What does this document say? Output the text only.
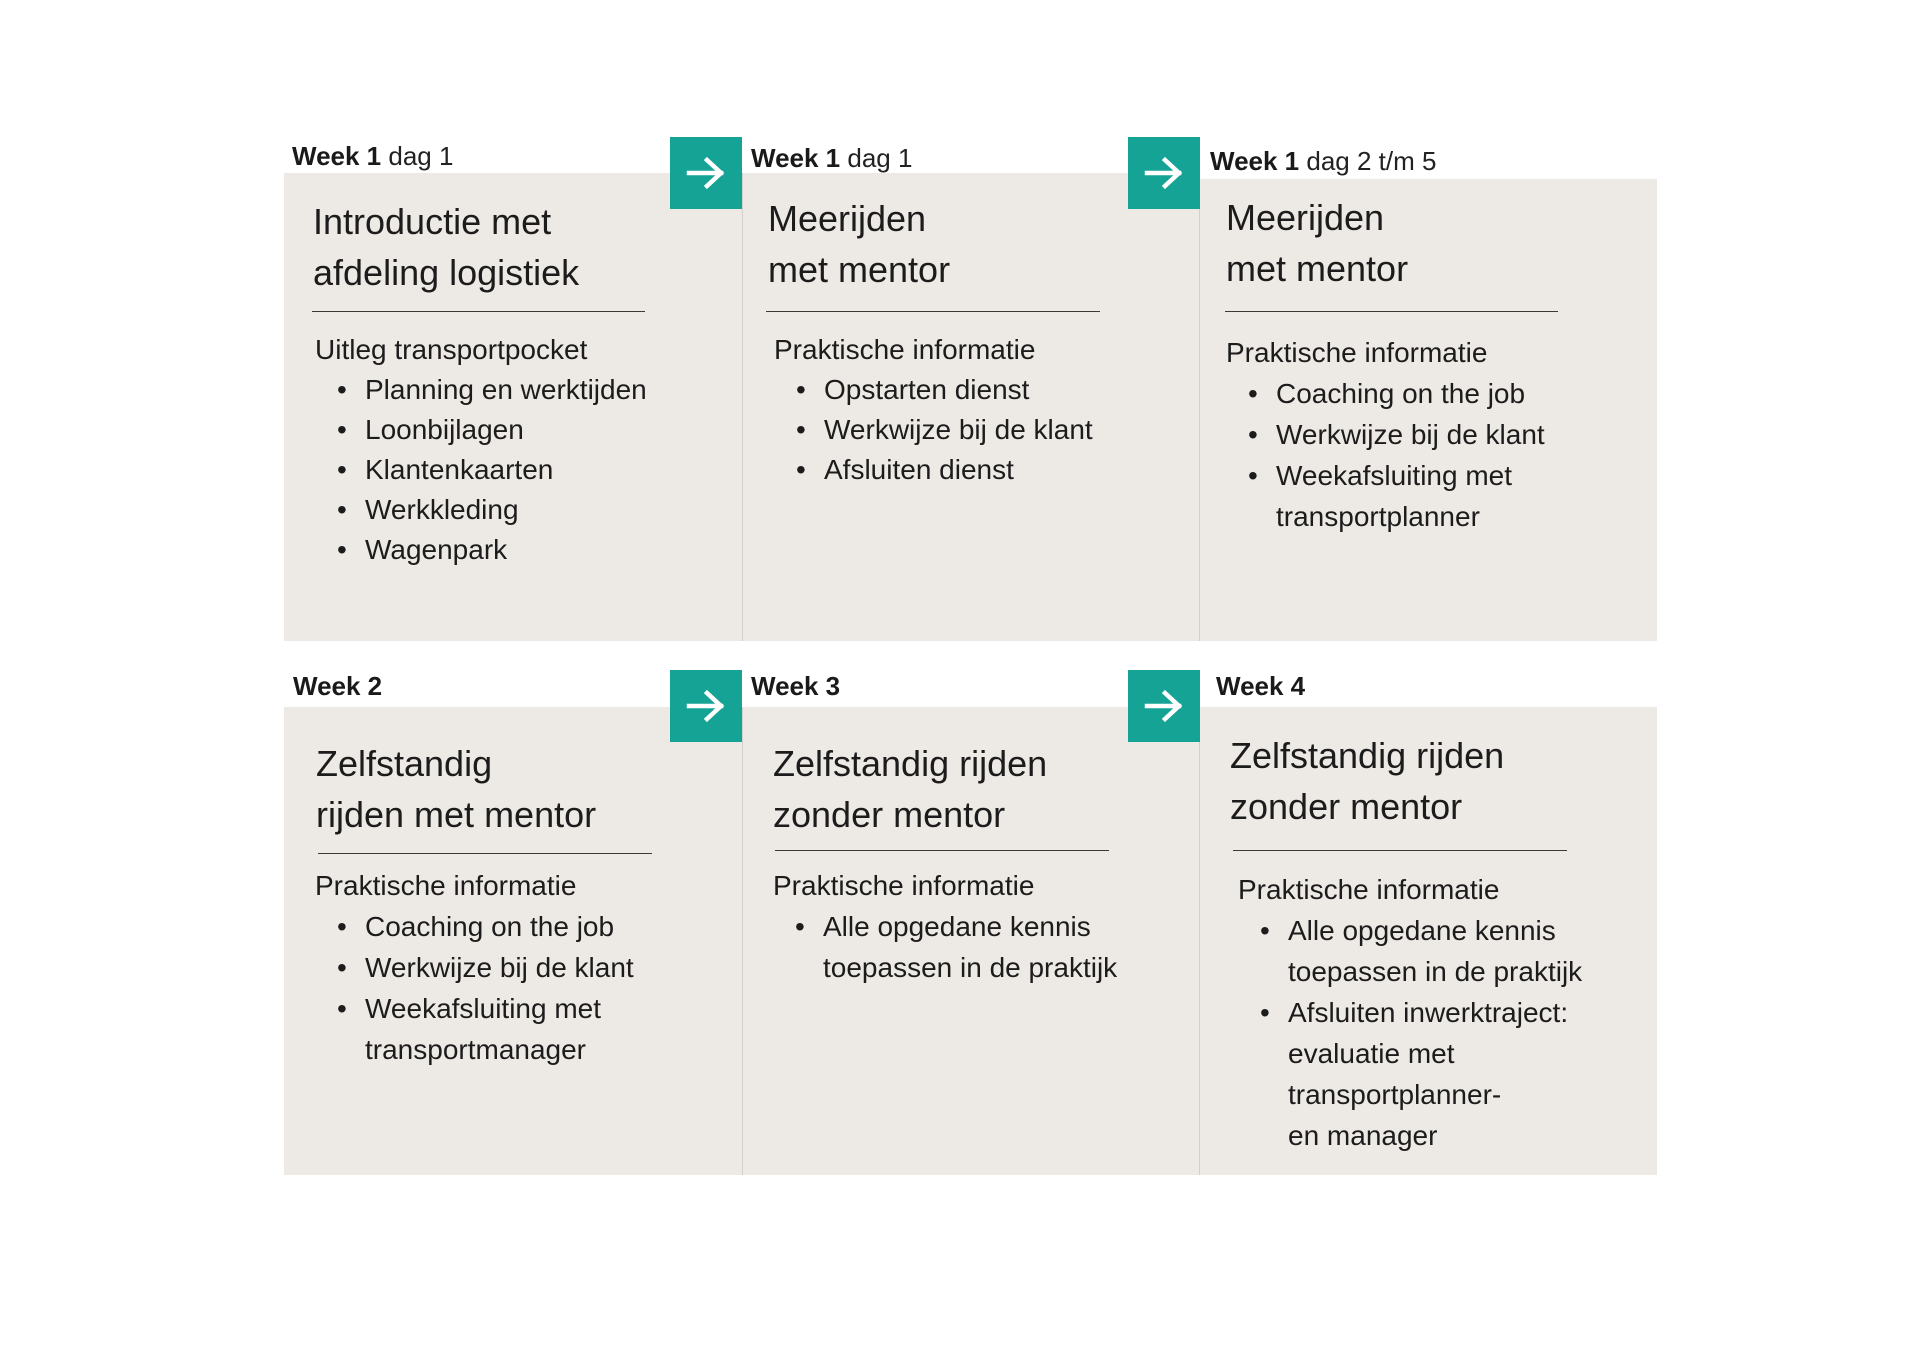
Week 1 dag 1
Introductie met
afdeling logistiek
Uitleg transportpocket
• Planning en werktijden
• Loonbijlagen
• Klantenkaarten
• Werkkleding
• Wagenpark
Week 1 dag 1
Meerijden
met mentor
Praktische informatie
• Opstarten dienst
• Werkwijze bij de klant
• Afsluiten dienst
Week 1 dag 2 t/m 5
Meerijden
met mentor
Praktische informatie
• Coaching on the job
• Werkwijze bij de klant
• Weekafsluiting met
transportplanner
Week 2
Zelfstandig
rijden met mentor
Praktische informatie
• Coaching on the job
• Werkwijze bij de klant
• Weekafsluiting met
transportmanager
Week 3
Zelfstandig rijden
zonder mentor
Praktische informatie
• Alle opgedane kennis
toepassen in de praktijk
Week 4
Zelfstandig rijden
zonder mentor
Praktische informatie
• Alle opgedane kennis
toepassen in de praktijk
• Afsluiten inwerktraject:
evaluatie met
transportplanner-
en manager
